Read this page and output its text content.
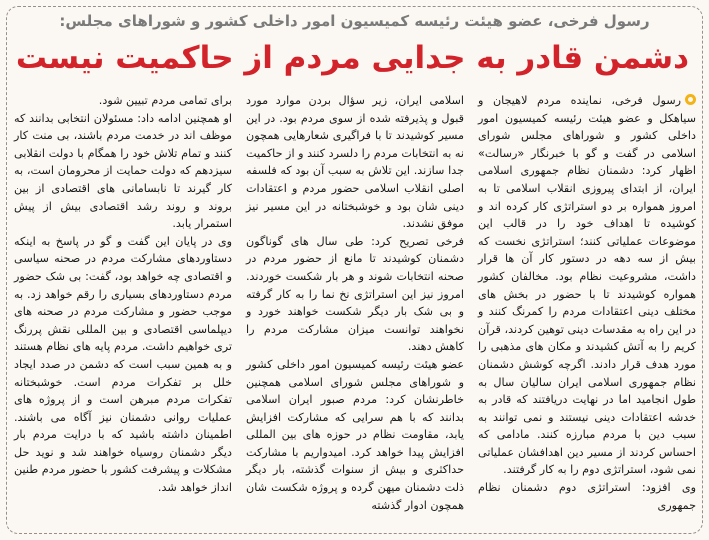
رسول فرخی، عضو هیئت رئیسه کمیسیون امور داخلی کشور و شوراهای مجلس:
دشمن قادر به جدایی مردم از حاکمیت نیست

رسول فرخی، نماینده مردم لاهیجان و سیاهکل و عضو هیئت رئیسه کمیسیون امور داخلی کشور و شوراهای مجلس شورای اسلامی در گفت و گو با خبرنگار «رسالت» اظهار کرد: دشمنان نظام جمهوری اسلامی ایران، از ابتدای پیروزی انقلاب اسلامی تا به امروز همواره بر دو استراتژی کار کرده اند و کوشیده تا اهداف خود را در قالب این موضوعات عملیاتی کنند؛ استراتژی نخست که بیش از سه دهه در دستور کار آن ها قرار داشت، مشروعیت نظام بود. مخالفان کشور همواره کوشیدند تا با حضور در بخش های مختلف دینی اعتقادات مردم را کمرنگ کنند و در این راه به مقدسات دینی توهین کردند، قرآن کریم را به آتش کشیدند و مکان های مذهبی را مورد هدف قرار دادند. اگرچه کوشش دشمنان نظام جمهوری اسلامی ایران سالیان سال به طول انجامید اما در نهایت دریافتند که قادر به خدشه اعتقادات دینی نیستند و نمی توانند به سبب دین با مردم مبارزه کنند. مادامی که احساس کردند از مسیر دین اهدافشان عملیاتی نمی شود، استراتژی دوم را به کار گرفتند.

وی افزود: استراتژی دوم دشمنان نظام جمهوری

اسلامی ایران، زیر سؤال بردن موارد مورد قبول و پذیرفته شده از سوی مردم بود. در این مسیر کوشیدند تا با فراگیری شعارهایی همچون نه به انتخابات مردم را دلسرد کنند و از حاکمیت جدا سازند. این تلاش به سبب آن بود که فلسفه اصلی انقلاب اسلامی حضور مردم و اعتقادات دینی شان بود و خوشبختانه در این مسیر نیز موفق نشدند.

فرخی تصریح کرد: طی سال های گوناگون دشمنان کوشیدند تا مانع از حضور مردم در صحنه انتخابات شوند و هر بار شکست خوردند. امروز نیز این استراتژی نخ نما را به کار گرفته و بی شک بار دیگر شکست خواهند خورد و نخواهند توانست میزان مشارکت مردم را کاهش دهند.

عضو هیئت رئیسه کمیسیون امور داخلی کشور و شوراهای مجلس شورای اسلامی همچنین خاطرنشان کرد: مردم صبور ایران اسلامی بدانند که با هم سرایی که مشارکت افزایش یابد، مقاومت نظام در حوزه های بین المللی افزایش پیدا خواهد کرد. امیدواریم با مشارکت حداکثری و بیش از سنوات گذشته، بار دیگر ذلت دشمنان میهن گرده و پروژه شکست شان همچون ادوار گذشته

برای تمامی مردم تبیین شود.

او همچنین ادامه داد: مسئولان انتخابی بدانند که موظف اند در خدمت مردم باشند، بی منت کار کنند و تمام تلاش خود را همگام با دولت انقلابی سیزدهم که دولت حمایت از محرومان است، به کار گیرند تا نابسامانی های اقتصادی از بین بروند و روند رشد اقتصادی بیش از پیش استمرار یابد.

وی در پایان این گفت و گو در پاسخ به اینکه دستاوردهای مشارکت مردم در صحنه سیاسی و اقتصادی چه خواهد بود، گفت: بی شک حضور مردم دستاوردهای بسیاری را رقم خواهد زد. به موجب حضور و مشارکت مردم در صحنه های دیپلماسی اقتصادی و بین المللی نقش پررنگ تری خواهیم داشت. مردم پایه های نظام هستند و به همین سبب است که دشمن در صدد ایجاد خلل بر تفکرات مردم است. خوشبختانه تفکرات مردم مبرهن است و از پروژه های عملیات روانی دشمنان نیز آگاه می باشند. اطمینان داشته باشید که با درایت مردم بار دیگر دشمنان روسیاه خواهند شد و نوید حل مشکلات و پیشرفت کشور با حضور مردم طنین انداز خواهد شد.
